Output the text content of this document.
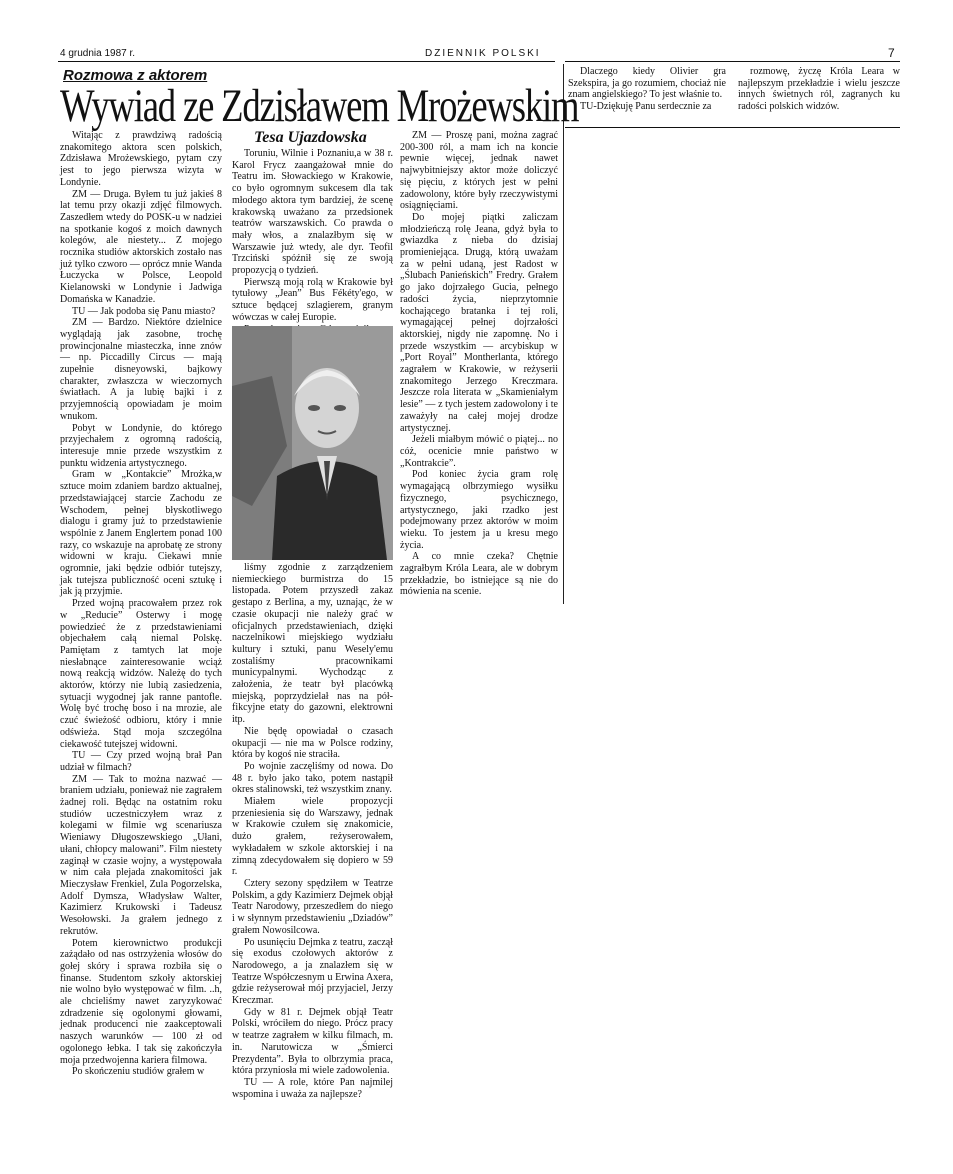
4 grudnia 1987 r.	DZIENNIK POLSKI	7
Rozmowa z aktorem
Wywiad ze Zdzisławem Mrożewskim
Tesa Ujazdowska

Witając z prawdziwą radością znakomitego aktora scen polskich, Zdzisława Mrożewskiego, pytam czy jest to jego pierwsza wizyta w Londynie.

ZM — Druga. Byłem tu już jakieś 8 lat temu przy okazji zdjęć filmowych. Zaszedłem wtedy do POSK-u w nadziei na spotkanie kogoś z moich dawnych kolegów, ale niestety... Z mojego rocznika studiów aktorskich zostało nas już tylko czworo — oprócz mnie Wanda Łuczycka w Polsce, Leopold Kielanowski w Londynie i Jadwiga Domańska w Kanadzie.

TU — Jak podoba się Panu miasto?

ZM — Bardzo. Niektóre dzielnice wyglądają jak zasobne, trochę prowincjonalne miasteczka, inne znów — np. Piccadilly Circus — mają zupełnie disneyowski, bajkowy charakter, zwłaszcza w wieczornych światłach. A ja lubię bajki i z przyjemnością opowiadam je moim wnukom.

Pobyt w Londynie, do którego przyjechałem z ogromną radością, interesuje mnie przede wszystkim z punktu widzenia artystycznego.

Gram w „Kontakcie” Mrożka,w sztuce moim zdaniem bardzo aktualnej, przedstawiającej starcie Zachodu ze Wschodem, pełnej błyskotliwego dialogu i gramy już to przedstawienie wspólnie z Janem Englertem ponad 100 razy, co wskazuje na aprobatę ze strony widowni w kraju. Ciekawi mnie ogromnie, jaki będzie odbiór tutejszy, jak tutejsza publiczność oceni sztukę i jak ją przyjmie.

Przed wojną pracowałem przez rok w „Reducie” Osterwy i mogę powiedzieć że z przedstawieniami objechałem całą niemal Polskę. Pamiętam z tamtych lat moje niesłabnące zainteresowanie wciąż nową reakcją widzów. Należę do tych aktorów, którzy nie lubią zasiedzenia, sytuacji wygodnej jak ranne pantofle. Wolę być trochę boso i na mrozie, ale czuć świeżość odbioru, który i mnie odświeża. Stąd moja szczególna ciekawość tutejszej widowni.

TU — Czy przed wojną brał Pan udział w filmach?

ZM — Tak to można nazwać — braniem udziału, ponieważ nie zagrałem żadnej roli. Będąc na ostatnim roku studiów uczestniczyłem wraz z kolegami w filmie wg scenariusza Wieniawy Długoszewskiego „Ułani, ułani, chłopcy malowani”. Film niestety zaginął w czasie wojny, a występowała w nim cała plejada znakomitości jak Mieczysław Frenkiel, Zula Pogorzelska, Adolf Dymsza, Władysław Walter, Kazimierz Krukowski i Tadeusz Wesołowski. Ja grałem jednego z rekrutów.

Potem kierownictwo produkcji zażądało od nas ostrzyżenia włosów do gołej skóry i sprawa rozbiła się o finanse. Studentom szkoły aktorskiej nie wolno było występować w film. ..h, ale chcieliśmy nawet zaryzykować zdradzenie się ogolonymi głowami, jednak producenci nie zaakceptowali naszych warunków — 100 zł od ogolonego łebka. I tak się zakończyła moja przedwojenna kariera filmowa.

Po skończeniu studiów grałem w

Toruniu, Wilnie i Poznaniu,a w 38 r. Karol Frycz zaangażował mnie do Teatru im. Słowackiego w Krakowie, co było ogromnym sukcesem dla tak młodego aktora tym bardziej, że scenę krakowską uważano za przedsionek teatrów warszawskich. Co prawda o mały włos, a znalazłbym się w Warszawie już wtedy, ale dyr. Teofil Trzciński spóźnił się ze swoją propozycją o tydzień.

Pierwszą moją rolą w Krakowie był tytułowy „Jean” Bus Fékéty'ego, w sztuce będącej szlagierem, granym wówczas w całej Europie.

liśmy zgodnie z zarządzeniem niemieckiego burmistrza do 15 listopada. Potem przyszedł zakaz gestapo z Berlina, a my, uznając, że w czasie okupacji nie należy grać w oficjalnych przedstawieniach, dzięki naczelnikowi miejskiego wydziału kultury i sztuki, panu Wesely'emu zostaliśmy pracownikami municypalnymi. Wychodząc z założenia, że teatr był placówką miejską, poprzydzielał nas na pół-fikcyjne etaty do gazowni, elektrowni itp.

Nie będę opowiadał o czasach okupacji — nie ma w Polsce rodziny, która by kogoś nie straciła.

Po wojnie zaczęliśmy od nowa. Do 48 r. było jako tako, potem nastąpił okres stalinowski, też wszystkim znany.

Miałem wiele propozycji przeniesienia się do Warszawy, jednak w Krakowie czułem się znakomicie, dużo grałem, reżyserowałem, wykładałem w szkole aktorskiej i na zimną zdecydowałem się dopiero w 59 r.

Cztery sezony spędziłem w Teatrze Polskim, a gdy Kazimierz Dejmek objął Teatr Narodowy, przeszedłem do niego i w słynnym przedstawieniu „Dziadów” grałem Nowosilcowa.

Po usunięciu Dejmka z teatru, zaczął się exodus czołowych aktorów z Narodowego, a ja znalazłem się w Teatrze Współczesnym u Erwina Axera, gdzie reżyserował mój przyjaciel, Jerzy Kreczmar.

Gdy w 81 r. Dejmek objął Teatr Polski, wróciłem do niego. Prócz pracy w teatrze zagrałem w kilku filmach, m. in. Narutowicza w „Śmierci Prezydenta”. Była to olbrzymia praca, która przyniosła mi wiele zadowolenia.

TU — A role, które Pan najmilej wspomina i uważa za najlepsze?

ZM — Proszę pani, można zagrać 200-300 ról, a mam ich na koncie pewnie więcej, jednak nawet najwybitniejszy aktor może doliczyć się pięciu, z których jest w pełni zadowolony, które były rzeczywistymi osiągnięciami.

Do mojej piątki zaliczam młodzieńczą rolę Jeana, gdyż była to gwiazdka z nieba do dzisiaj promieniejąca. Drugą, którą uważam za w pełni udaną, jest Radost w „Ślubach Panieńskich” Fredry. Grałem go jako dojrzałego Gucia, pełnego radości życia, nieprzytomnie kochającego bratanka i tej roli, wymagającej pełnej dojrzałości aktorskiej, nigdy nie zapomnę. No i przede wszystkim — arcybiskup w „Port Royal” Montherlanta, którego zagrałem w Krakowie, w reżyserii znakomitego Jerzego Kreczmara. Jeszcze rola literata w „Skamieniałym lesie” — z tych jestem zadowolony i te zaważyły na całej mojej drodze artystycznej.

Jeżeli miałbym mówić o piątej... no cóż, ocenicie mnie państwo w „Kontrakcie”.

Pod koniec życia gram rolę wymagającą olbrzymiego wysiłku fizycznego, psychicznego, artystycznego, jaki rzadko jest podejmowany przez aktorów w moim wieku. To jestem ja u kresu mego życia.

A co mnie czeka? Chętnie zagrałbym Króla Leara, ale w dobrym przekładzie, bo istniejące są nie do mówienia na scenie.

Dlaczego kiedy Olivier gra Szekspira, ja go rozumiem, chociaż nie znam angielskiego? To jest właśnie to.

TU-Dziękuję Panu serdecznie za

rozmowę, życzę Króla Leara w najlepszym przekładzie i wielu jeszcze innych świetnych ról, zagranych ku radości polskich widzów.
